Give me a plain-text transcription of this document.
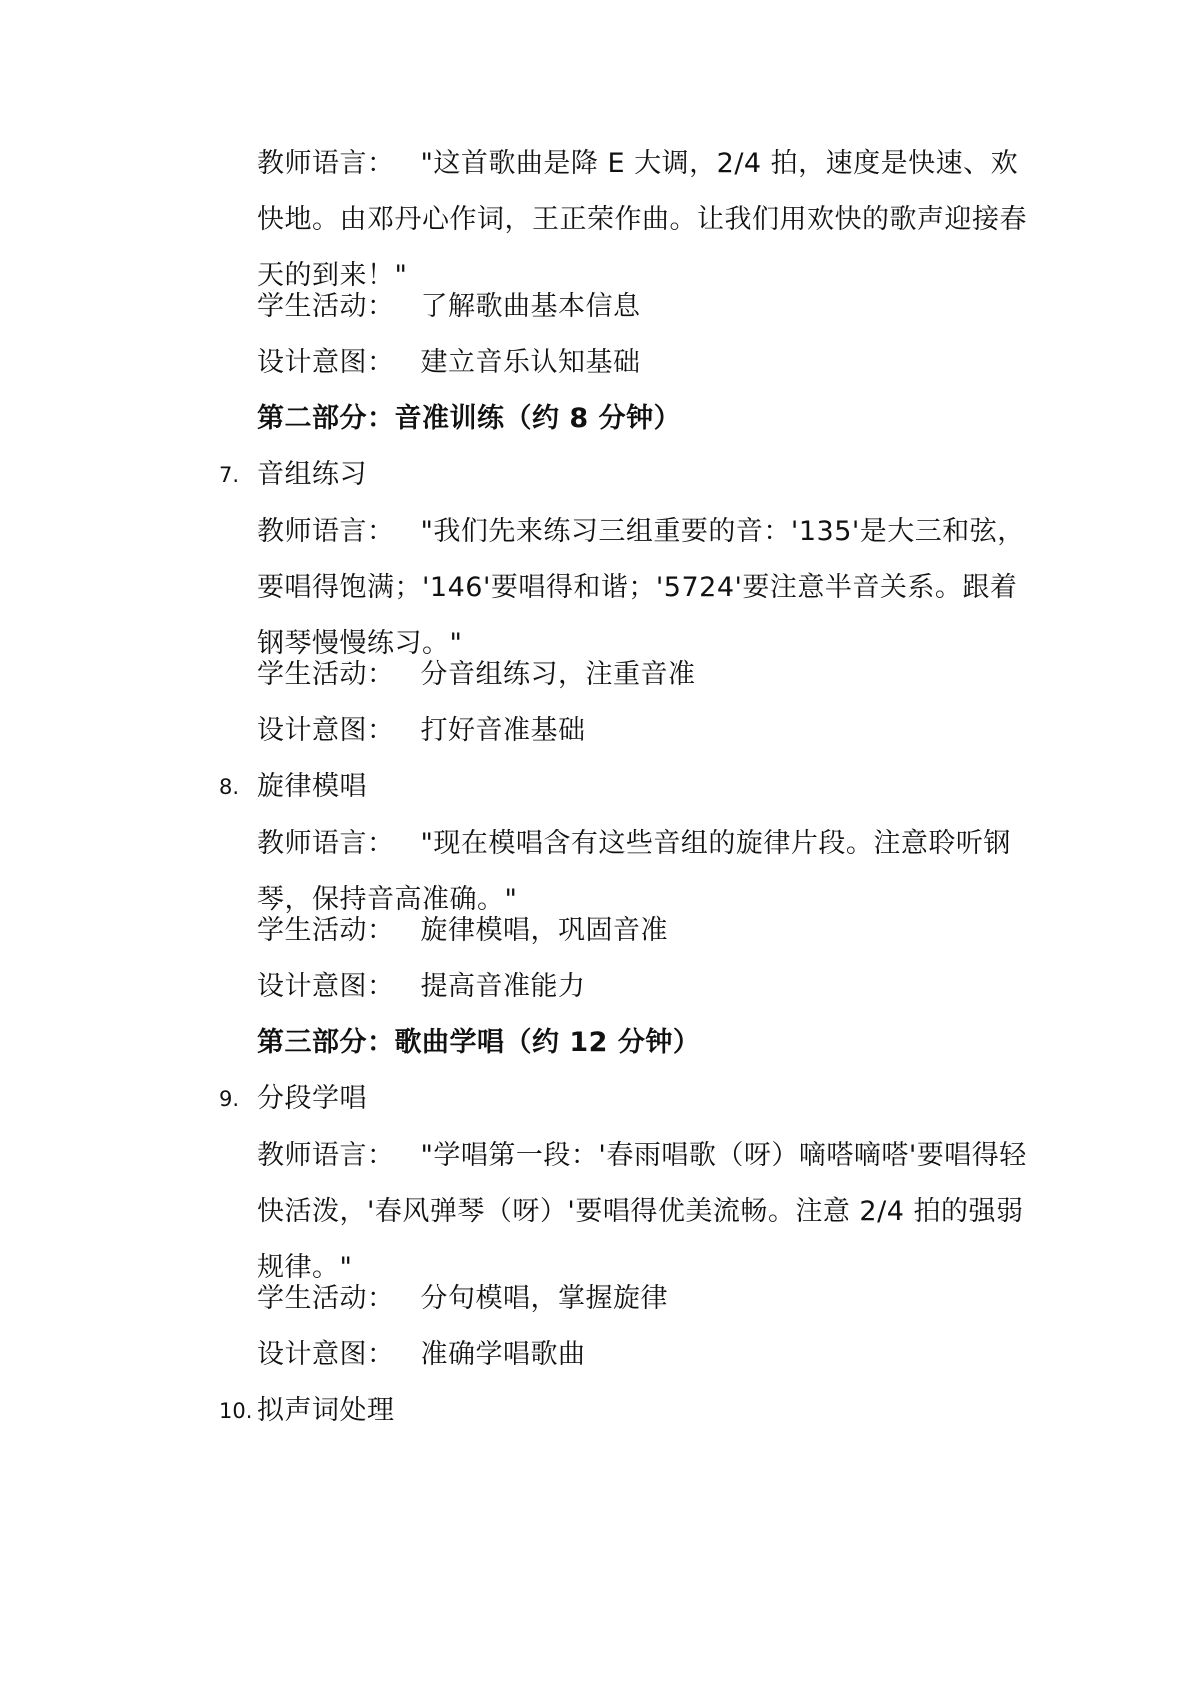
教师语言： "这首歌曲是降 E 大调，2/4 拍，速度是快速、欢快地。由邓丹心作词，王正荣作曲。让我们用欢快的歌声迎接春天的到来！"
学生活动： 了解歌曲基本信息
设计意图： 建立音乐认知基础
第二部分：音准训练（约 8 分钟）
7. 音组练习
教师语言： "我们先来练习三组重要的音：'135'是大三和弦，要唱得饱满；'146'要唱得和谐；'5724'要注意半音关系。跟着钢琴慢慢练习。"
学生活动： 分音组练习，注重音准
设计意图： 打好音准基础
8. 旋律模唱
教师语言： "现在模唱含有这些音组的旋律片段。注意聆听钢琴，保持音高准确。"
学生活动： 旋律模唱，巩固音准
设计意图： 提高音准能力
第三部分：歌曲学唱（约 12 分钟）
9. 分段学唱
教师语言： "学唱第一段：'春雨唱歌（呀）嘀嗒嘀嗒'要唱得轻快活泼，'春风弹琴（呀）'要唱得优美流畅。注意 2/4 拍的强弱规律。"
学生活动： 分句模唱，掌握旋律
设计意图： 准确学唱歌曲
10. 拟声词处理
